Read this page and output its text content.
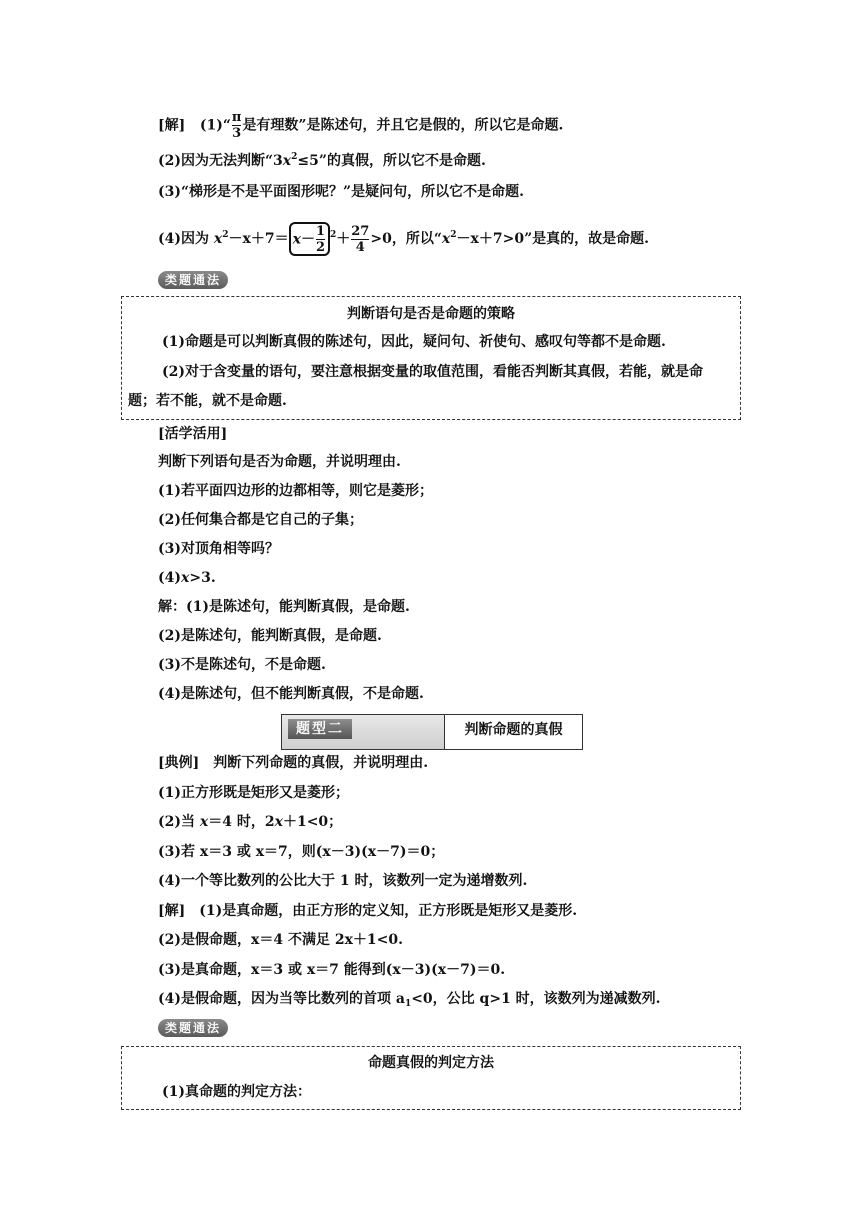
[解] (1)“ $\frac{\pi}{3}$ 是有理数”是陈述句，并且它是假的，所以它是命题.
(2)因为无法判断“$3x^2\le 5$”的真假，所以它不是命题.
(3)“梯形是不是平面图形呢？”是疑问句，所以它不是命题.
(4)因为 $x^2-x+7= x- \frac{1}{2} ^2+ \frac{27}{4} >0$，所以“$x^2-x+7>0$”是真的，故是命题.
类题通法
判断语句是否是命题的策略
(1)命题是可以判断真假的陈述句，因此，疑问句、祈使句、感叹句等都不是命题.
(2)对于含变量的语句，要注意根据变量的取值范围，看能否判断其真假，若能，就是命
题；若不能，就不是命题.
[活学活用]
判断下列语句是否为命题，并说明理由.
(1)若平面四边形的边都相等，则它是菱形；
(2)任何集合都是它自己的子集；
(3)对顶角相等吗？
(4)x>3.
解：(1)是陈述句，能判断真假，是命题.
(2)是陈述句，能判断真假，是命题.
(3)不是陈述句，不是命题.
(4)是陈述句，但不能判断真假，不是命题.
题型二	判断命题的真假
[典例]　判断下列命题的真假，并说明理由.
(1)正方形既是矩形又是菱形；
(2)当 x＝4 时，2x＋1<0；
(3)若 x＝3 或 x＝7，则(x－3)(x－7)＝0；
(4)一个等比数列的公比大于 1 时，该数列一定为递增数列.
[解]　(1)是真命题，由正方形的定义知，正方形既是矩形又是菱形.
(2)是假命题，x＝4 不满足 2x＋1<0.
(3)是真命题，x＝3 或 x＝7 能得到(x－3)(x－7)＝0.
(4)是假命题，因为当等比数列的首项 $a_1<0$，公比 q>1 时，该数列为递减数列.
类题通法
命题真假的判定方法
(1)真命题的判定方法：
